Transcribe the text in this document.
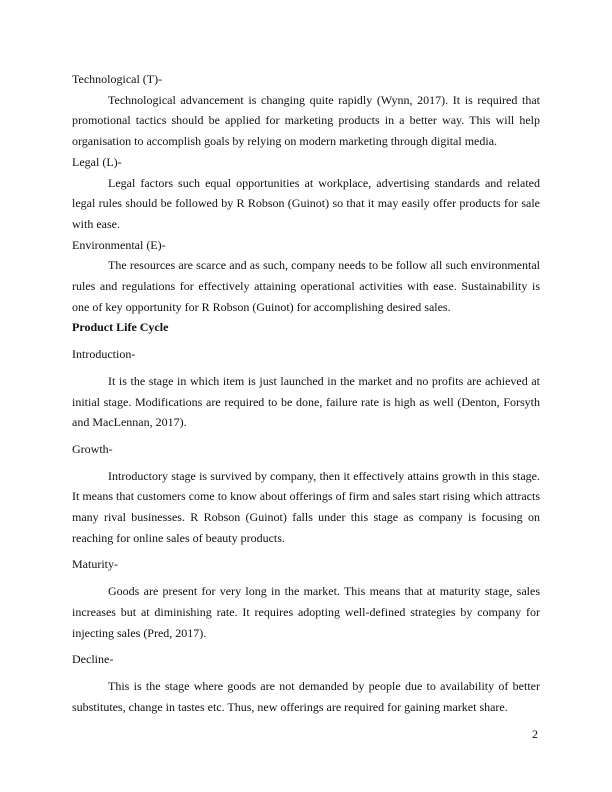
Technological (T)-

Technological advancement is changing quite rapidly (Wynn, 2017). It is required that promotional tactics should be applied for marketing products in a better way. This will help organisation to accomplish goals by relying on modern marketing through digital media.

Legal (L)-

Legal factors such equal opportunities at workplace, advertising standards and related legal rules should be followed by R Robson (Guinot) so that it may easily offer products for sale with ease.

Environmental (E)-

The resources are scarce and as such, company needs to be follow all such environmental rules and regulations for effectively attaining operational activities with ease. Sustainability is one of key opportunity for R Robson (Guinot) for accomplishing desired sales.

Product Life Cycle

Introduction-

It is the stage in which item is just launched in the market and no profits are achieved at initial stage. Modifications are required to be done, failure rate is high as well (Denton, Forsyth and MacLennan, 2017).

Growth-

Introductory stage is survived by company, then it effectively attains growth in this stage. It means that customers come to know about offerings of firm and sales start rising which attracts many rival businesses. R Robson (Guinot) falls under this stage as company is focusing on reaching for online sales of beauty products.

Maturity-

Goods are present for very long in the market. This means that at maturity stage, sales increases but at diminishing rate. It requires adopting well-defined strategies by company for injecting sales (Pred, 2017).

Decline-

This is the stage where goods are not demanded by people due to availability of better substitutes, change in tastes etc. Thus, new offerings are required for gaining market share.

2
